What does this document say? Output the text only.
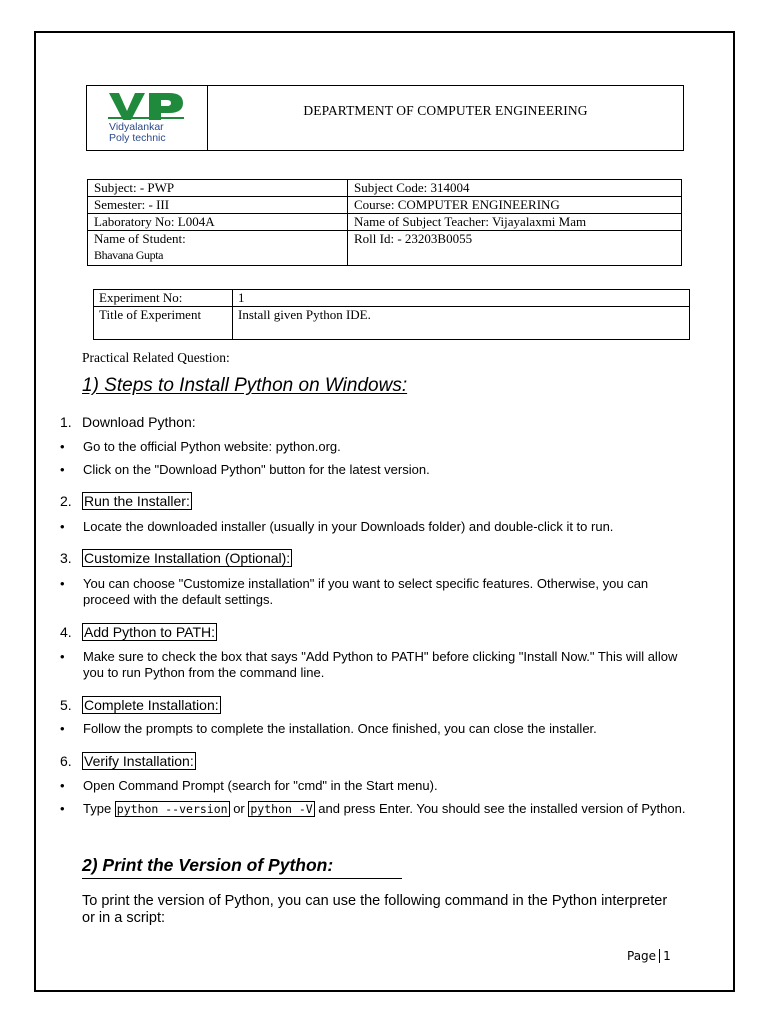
Vidyalankar
Poly technic
DEPARTMENT OF COMPUTER ENGINEERING
Subject: - PWP	Subject Code: 314004
Semester: - III	Course: COMPUTER ENGINEERING
Laboratory No: L004A	Name of Subject Teacher: Vijayalaxmi Mam

Name of Student:
Bhavana Gupta	Roll Id: - 23203B0055
Experiment No:	1
Title of Experiment	Install given Python IDE.
Practical Related Question:
1) Steps to Install Python on Windows:
1. Download Python:
• Go to the official Python website: python.org.
• Click on the "Download Python" button for the latest version.
2. Run the Installer:
• Locate the downloaded installer (usually in your Downloads folder) and double-click it to run.
3. Customize Installation (Optional):
• You can choose "Customize installation" if you want to select specific features. Otherwise, you can proceed with the default settings.
4. Add Python to PATH:
• Make sure to check the box that says "Add Python to PATH" before clicking "Install Now." This will allow you to run Python from the command line.
5. Complete Installation:
• Follow the prompts to complete the installation. Once finished, you can close the installer.
6. Verify Installation:
• Open Command Prompt (search for "cmd" in the Start menu).
• Type python --version or python -V and press Enter. You should see the installed version of Python.
2) Print the Version of Python:
To print the version of Python, you can use the following command in the Python interpreter or in a script:
Page 1
